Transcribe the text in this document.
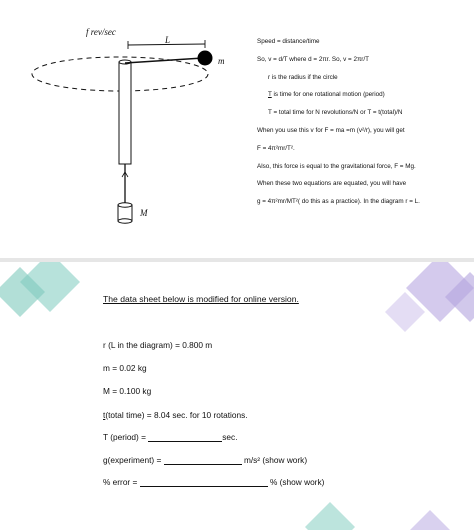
f rev/sec
L
m
M

Speed = distance/time

So, v = d/T where d = 2πr. So, v = 2πr/T

r is the radius if the circle

T is time for one rotational motion (period)

T = total time for N revolutions/N or T = t(total)/N

When you use this v for F = ma =m (v²/r), you will get

F = 4π²mr/T².

Also, this force is equal to the gravitational force, F = Mg.

When these two equations are equated, you will have

g = 4π²mr/MT²( do this as a practice). In the diagram r = L.

The data sheet below is modified for online version.
r (L in the diagram) = 0.800 m
m = 0.02 kg
M = 0.100 kg
t(total time) = 8.04 sec. for 10 rotations.
T (period) =	sec.
g(experiment) =	m/s² (show work)
% error =	% (show work)
